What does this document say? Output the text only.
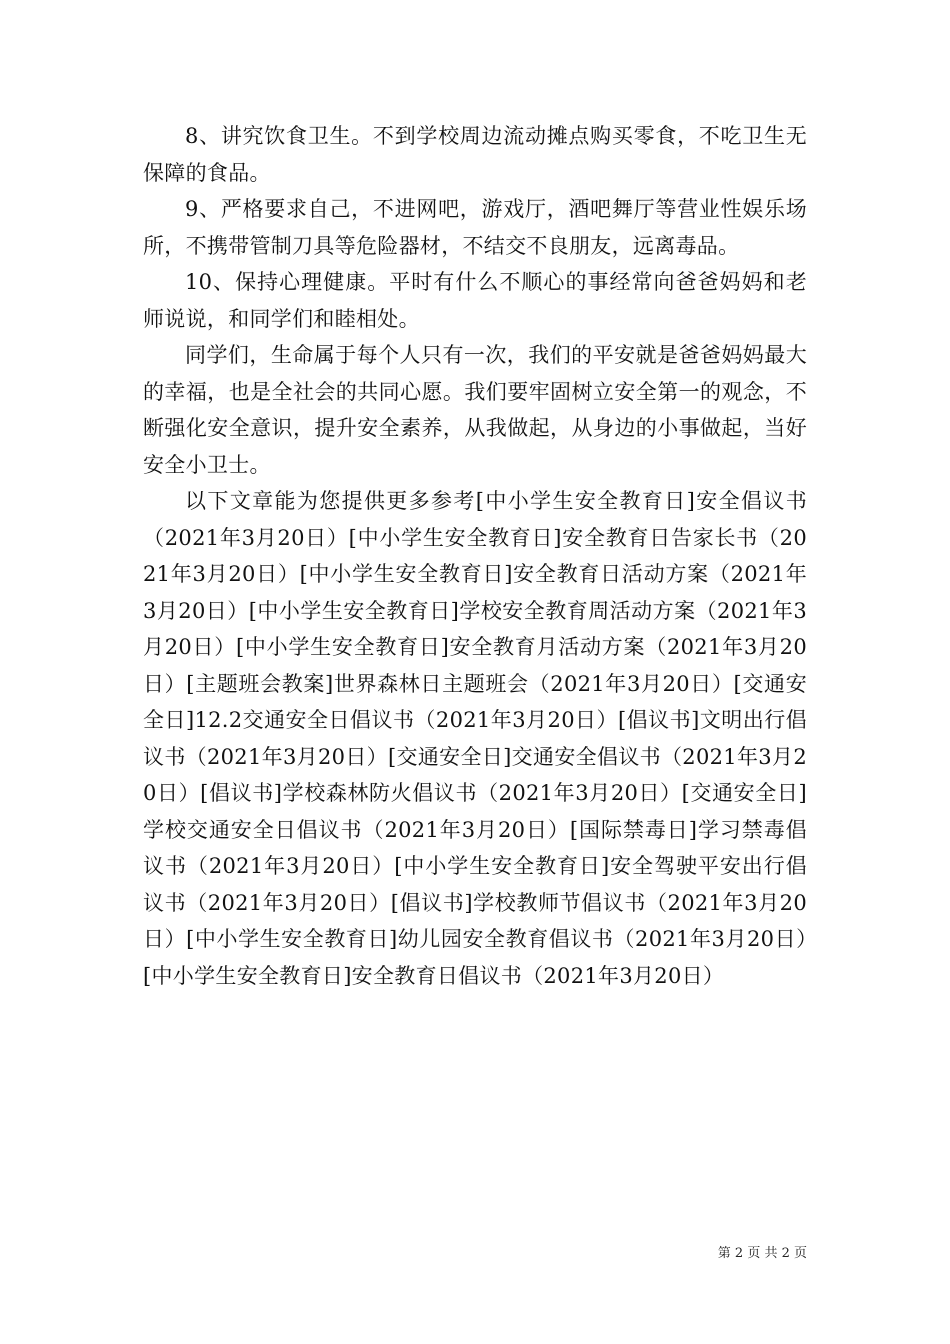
8、讲究饮食卫生。不到学校周边流动摊点购买零食，不吃卫生无保障的食品。

9、严格要求自己，不进网吧，游戏厅，酒吧舞厅等营业性娱乐场所，不携带管制刀具等危险器材，不结交不良朋友，远离毒品。

10、保持心理健康。平时有什么不顺心的事经常向爸爸妈妈和老师说说，和同学们和睦相处。

同学们，生命属于每个人只有一次，我们的平安就是爸爸妈妈最大的幸福，也是全社会的共同心愿。我们要牢固树立安全第一的观念，不断强化安全意识，提升安全素养，从我做起，从身边的小事做起，当好安全小卫士。

以下文章能为您提供更多参考[中小学生安全教育日]安全倡议书（2021年3月20日）[中小学生安全教育日]安全教育日告家长书（2021年3月20日）[中小学生安全教育日]安全教育日活动方案（2021年3月20日）[中小学生安全教育日]学校安全教育周活动方案（2021年3月20日）[中小学生安全教育日]安全教育月活动方案（2021年3月20日）[主题班会教案]世界森林日主题班会（2021年3月20日）[交通安全日]12.2交通安全日倡议书（2021年3月20日）[倡议书]文明出行倡议书（2021年3月20日）[交通安全日]交通安全倡议书（2021年3月20日）[倡议书]学校森林防火倡议书（2021年3月20日）[交通安全日]学校交通安全日倡议书（2021年3月20日）[国际禁毒日]学习禁毒倡议书（2021年3月20日）[中小学生安全教育日]安全驾驶平安出行倡议书（2021年3月20日）[倡议书]学校教师节倡议书（2021年3月20日）[中小学生安全教育日]幼儿园安全教育倡议书（2021年3月20日）[中小学生安全教育日]安全教育日倡议书（2021年3月20日）

第 2 页 共 2 页
